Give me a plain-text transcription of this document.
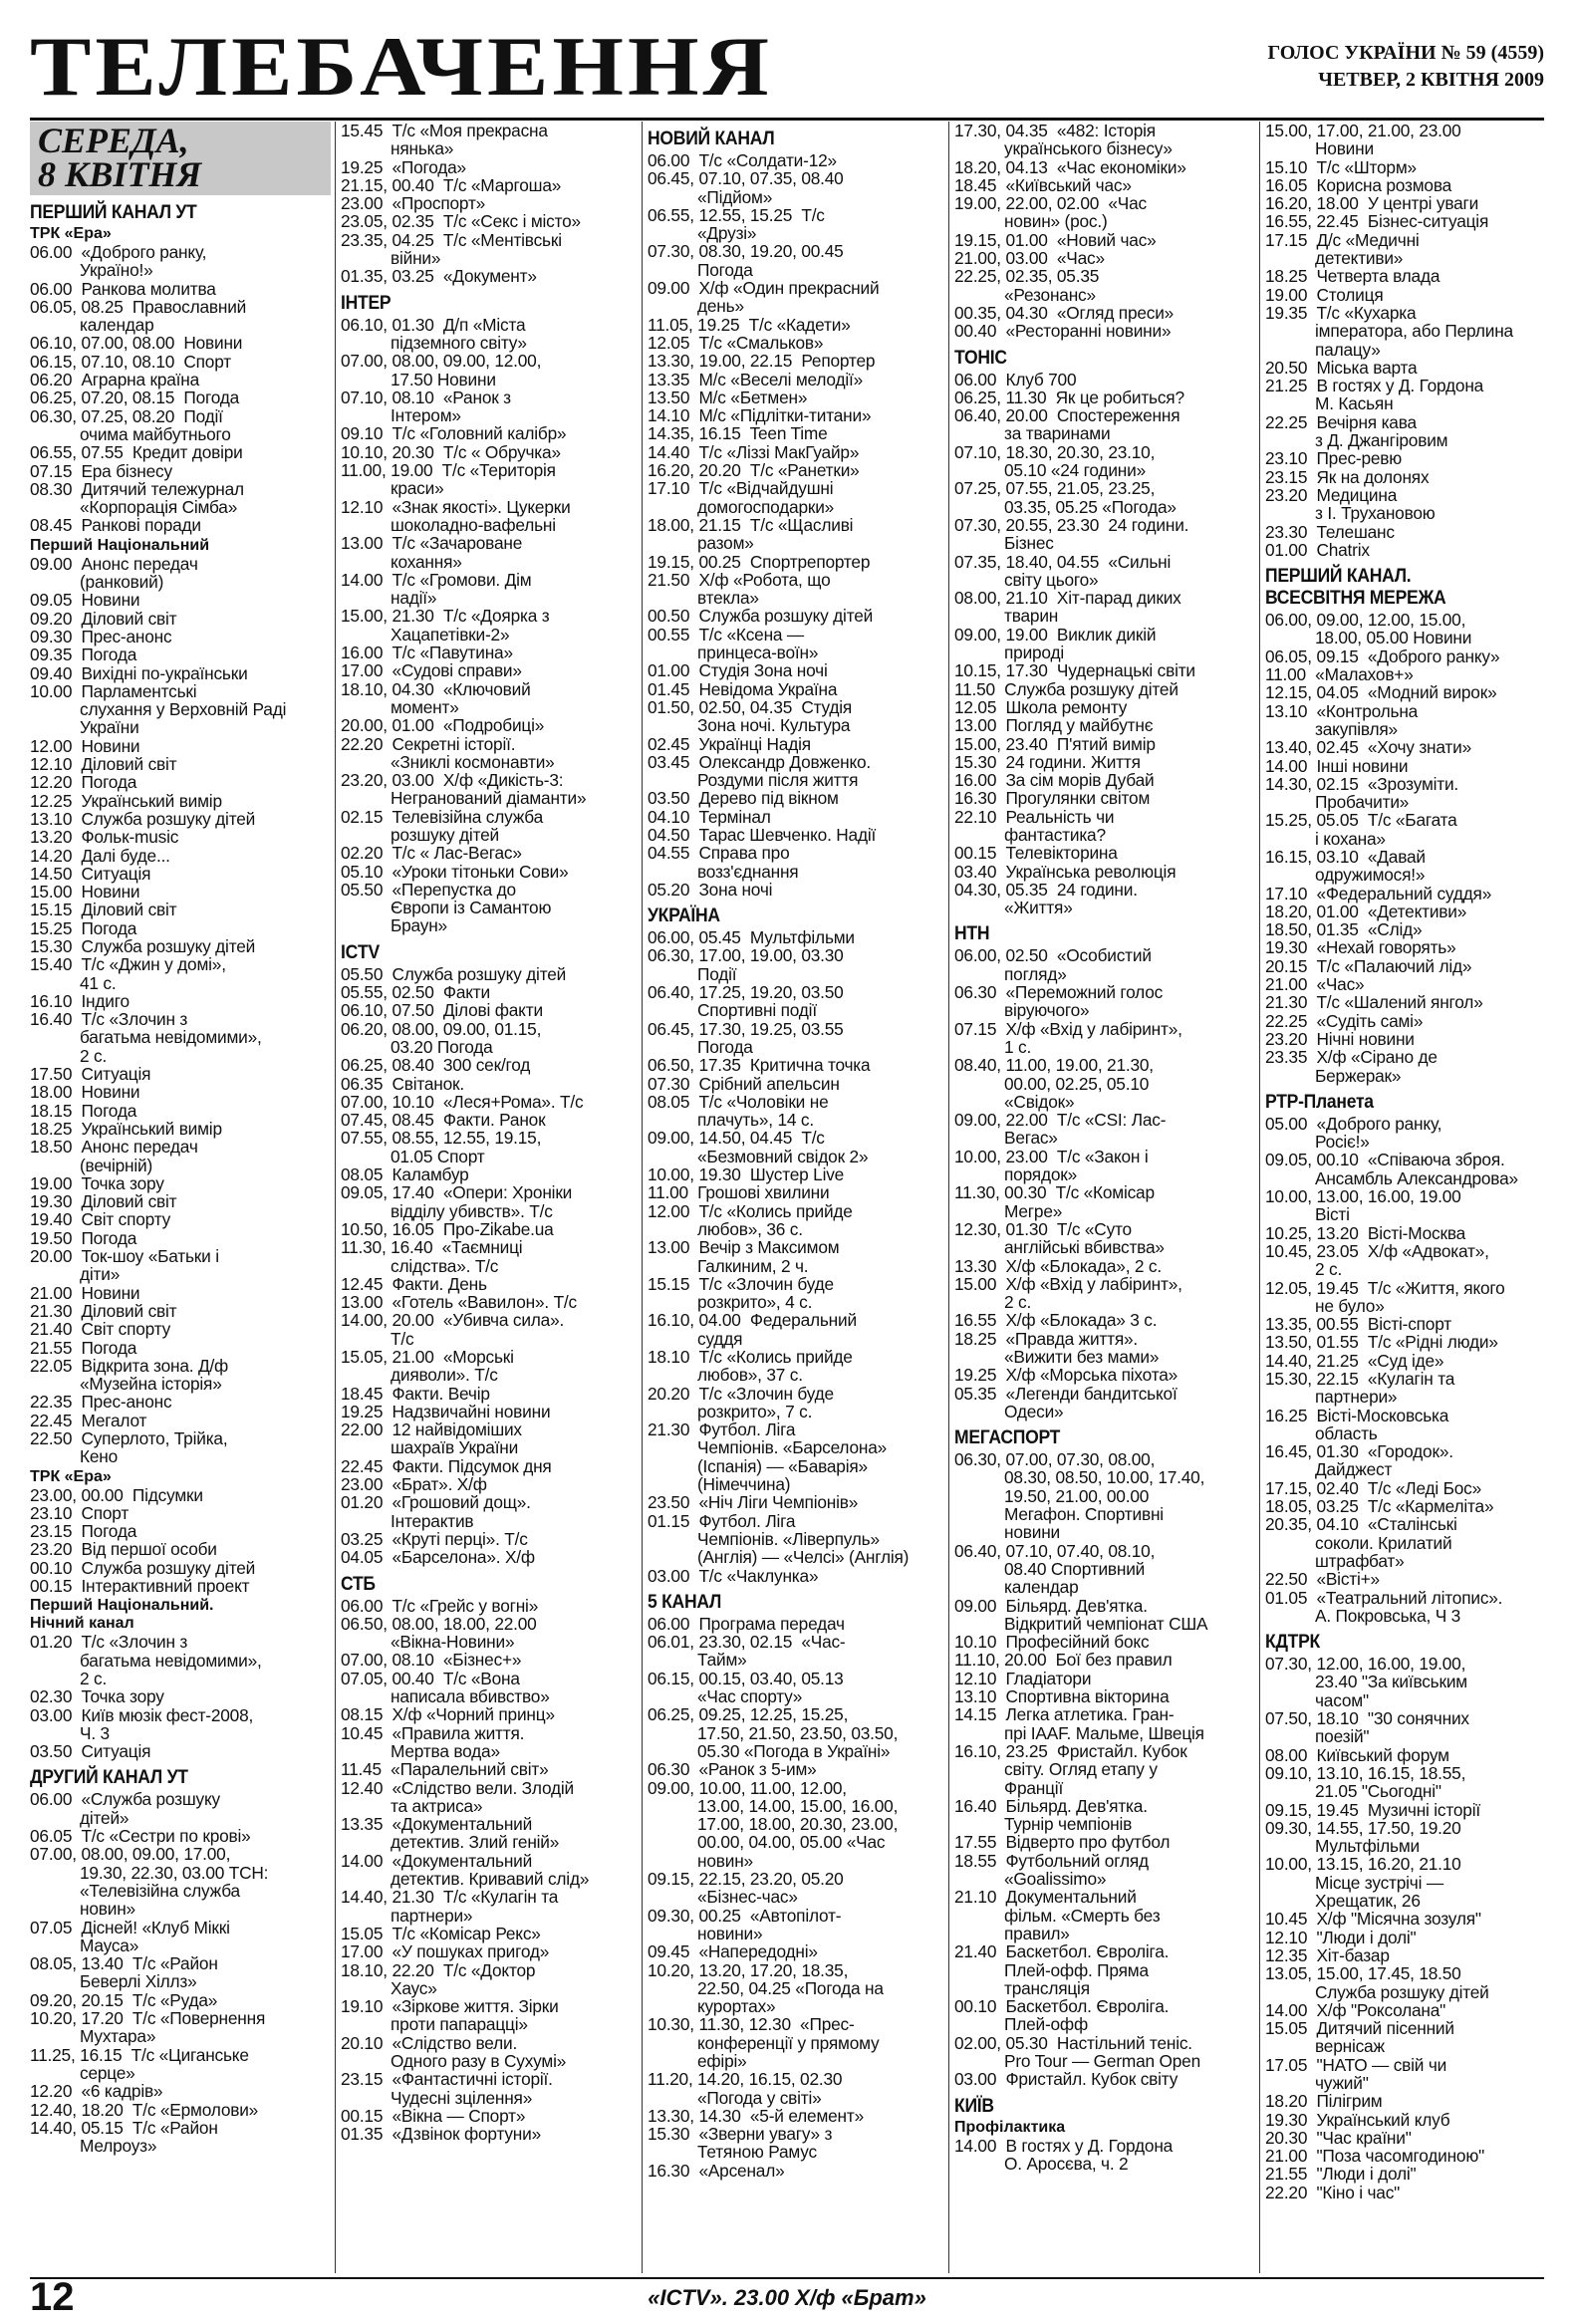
ТЕЛЕБАЧЕННЯ	ГОЛОС УКРАЇНИ № 59 (4559)
ЧЕТВЕР, 2 КВІТНЯ 2009
СЕРЕДА,
8 КВІТНЯ
ПЕРШИЙ КАНАЛ УТ
ТРК «Ера»
06.00  «Доброго ранку,
Україно!»
06.00  Ранкова молитва
06.05, 08.25  Православний
календар
06.10, 07.00, 08.00  Новини
06.15, 07.10, 08.10  Спорт
06.20  Аграрна країна
06.25, 07.20, 08.15  Погода
06.30, 07.25, 08.20  Події
очима майбутнього
06.55, 07.55  Кредит довіри
07.15  Ера бізнесу
08.30  Дитячий тележурнал
«Корпорація Сімба»
08.45  Ранкові поради
Перший Національний
09.00  Анонс передач
(ранковий)
09.05  Новини
09.20  Діловий світ
09.30  Прес-анонс
09.35  Погода
09.40  Вихідні по-українськи
10.00  Парламентські
слухання у Верховній Раді
України
12.00  Новини
12.10  Діловий світ
12.20  Погода
12.25  Український вимір
13.10  Служба розшуку дітей
13.20  Фольк-music
14.20  Далі буде...
14.50  Ситуація
15.00  Новини
15.15  Діловий світ
15.25  Погода
15.30  Служба розшуку дітей
15.40  Т/с «Джин у домі»,
41 с.
16.10  Індиго
16.40  Т/с «Злочин з
багатьма невідомими»,
2 с.
17.50  Ситуація
18.00  Новини
18.15  Погода
18.25  Український вимір
18.50  Анонс передач
(вечірній)
19.00  Точка зору
19.30  Діловий світ
19.40  Світ спорту
19.50  Погода
20.00  Ток-шоу «Батьки і
діти»
21.00  Новини
21.30  Діловий світ
21.40  Світ спорту
21.55  Погода
22.05  Відкрита зона. Д/ф
«Музейна історія»
22.35  Прес-анонс
22.45  Мегалот
22.50  Суперлото, Трійка,
Кено
ТРК «Ера»
23.00, 00.00  Підсумки
23.10  Спорт
23.15  Погода
23.20  Від першої особи
00.10  Служба розшуку дітей
00.15  Інтерактивний проект
Перший Національний.
Нічний канал
01.20  Т/с «Злочин з
багатьма невідомими»,
2 с.
02.30  Точка зору
03.00  Київ мюзік фест-2008,
Ч. 3
03.50  Ситуація
ДРУГИЙ КАНАЛ УТ
06.00  «Служба розшуку
дітей»
06.05  Т/с «Сестри по крові»
07.00, 08.00, 09.00, 17.00,
19.30, 22.30, 03.00 ТСН:
«Телевізійна служба
новин»
07.05  Дісней! «Клуб Міккі
Мауса»
08.05, 13.40  Т/с «Район
Беверлі Хіллз»
09.20, 20.15  Т/с «Руда»
10.20, 17.20  Т/с «Повернення
Мухтара»
11.25, 16.15  Т/с «Циганське
серце»
12.20  «6 кадрів»
12.40, 18.20  Т/с «Ермолови»
14.40, 05.15  Т/с «Район
Мелроуз»
15.45  Т/с «Моя прекрасна
нянька»
19.25  «Погода»
21.15, 00.40  Т/с «Маргоша»
23.00  «Проспорт»
23.05, 02.35  Т/с «Секс і місто»
23.35, 04.25  Т/с «Ментівські
війни»
01.35, 03.25  «Документ»
ІНТЕР
06.10, 01.30  Д/п «Міста
підземного світу»
07.00, 08.00, 09.00, 12.00,
17.50 Новини
07.10, 08.10  «Ранок з
Інтером»
09.10  Т/с «Головний калібр»
10.10, 20.30  Т/с « Обручка»
11.00, 19.00  Т/с «Територія
краси»
12.10  «Знак якості». Цукерки
шоколадно-вафельні
13.00  Т/с «Зачароване
кохання»
14.00  Т/с «Громови. Дім
надії»
15.00, 21.30  Т/с «Доярка з
Хацапетівки-2»
16.00  Т/с «Павутина»
17.00  «Судові справи»
18.10, 04.30  «Ключовий
момент»
20.00, 01.00  «Подробиці»
22.20  Секретні історії.
«Зниклі космонавти»
23.20, 03.00  Х/ф «Дикість-3:
Негранований діаманти»
02.15  Телевізійна служба
розшуку дітей
02.20  Т/с « Лас-Вегас»
05.10  «Уроки тітоньки Сови»
05.50  «Перепустка до
Європи із Самантою
Браун»
ICTV
05.50  Служба розшуку дітей
05.55, 02.50  Факти
06.10, 07.50  Ділові факти
06.20, 08.00, 09.00, 01.15,
03.20 Погода
06.25, 08.40  300 сек/год
06.35  Світанок.
07.00, 10.10  «Леся+Рома». Т/с
07.45, 08.45  Факти. Ранок
07.55, 08.55, 12.55, 19.15,
01.05 Спорт
08.05  Каламбур
09.05, 17.40  «Опери: Хроніки
відділу убивств». Т/с
10.50, 16.05  Про-Zikabe.ua
11.30, 16.40  «Таємниці
слідства». Т/с
12.45  Факти. День
13.00  «Готель «Вавилон». Т/с
14.00, 20.00  «Убивча сила».
Т/с
15.05, 21.00  «Морські
дияволи». Т/с
18.45  Факти. Вечір
19.25  Надзвичайні новини
22.00  12 найвідоміших
шахраїв України
22.45  Факти. Підсумок дня
23.00  «Брат». Х/ф
01.20  «Грошовий дощ».
Інтерактив
03.25  «Круті перці». Т/с
04.05  «Барселона». Х/ф
СТБ
06.00  Т/с «Грейс у вогні»
06.50, 08.00, 18.00, 22.00
«Вікна-Новини»
07.00, 08.10  «Бізнес+»
07.05, 00.40  Т/с «Вона
написала вбивство»
08.15  Х/ф «Чорний принц»
10.45  «Правила життя.
Мертва вода»
11.45  «Паралельний світ»
12.40  «Слідство вели. Злодій
та актриса»
13.35  «Документальний
детектив. Злий геній»
14.00  «Документальний
детектив. Кривавий слід»
14.40, 21.30  Т/с «Кулагін та
партнери»
15.05  Т/с «Комісар Рекс»
17.00  «У пошуках пригод»
18.10, 22.20  Т/с «Доктор
Хаус»
19.10  «Зіркове життя. Зірки
проти папарацці»
20.10  «Слідство вели.
Одного разу в Сухумі»
23.15  «Фантастичні історії.
Чудесні зцілення»
00.15  «Вікна — Спорт»
01.35  «Дзвінок фортуни»
НОВИЙ КАНАЛ
06.00  Т/с «Солдати-12»
06.45, 07.10, 07.35, 08.40
«Підйом»
06.55, 12.55, 15.25  Т/с
«Друзі»
07.30, 08.30, 19.20, 00.45
Погода
09.00  Х/ф «Один прекрасний
день»
11.05, 19.25  Т/с «Кадети»
12.05  Т/с «Смальков»
13.30, 19.00, 22.15  Репортер
13.35  М/с «Веселі мелодії»
13.50  М/с «Бетмен»
14.10  М/с «Підлітки-титани»
14.35, 16.15  Teen Time
14.40  Т/с «Ліззі МакГуайр»
16.20, 20.20  Т/с «Ранетки»
17.10  Т/с «Відчайдушні
домогосподарки»
18.00, 21.15  Т/с «Щасливі
разом»
19.15, 00.25  Спортрепортер
21.50  Х/ф «Робота, що
втекла»
00.50  Служба розшуку дітей
00.55  Т/с «Ксена —
принцеса-воїн»
01.00  Студія Зона ночі
01.45  Невідома Україна
01.50, 02.50, 04.35  Студія
Зона ночі. Культура
02.45  Українці Надія
03.45  Олександр Довженко.
Роздуми після життя
03.50  Дерево під вікном
04.10  Термінал
04.50  Тарас Шевченко. Надії
04.55  Справа про
возз'єднання
05.20  Зона ночі
УКРАЇНА
06.00, 05.45  Мультфільми
06.30, 17.00, 19.00, 03.30
Події
06.40, 17.25, 19.20, 03.50
Спортивні події
06.45, 17.30, 19.25, 03.55
Погода
06.50, 17.35  Критична точка
07.30  Срібний апельсин
08.05  Т/с «Чоловіки не
плачуть», 14 с.
09.00, 14.50, 04.45  Т/с
«Безмовний свідок 2»
10.00, 19.30  Шустер Live
11.00  Грошові хвилини
12.00  Т/с «Колись прийде
любов», 36 с.
13.00  Вечір з Максимом
Галкиним, 2 ч.
15.15  Т/с «Злочин буде
розкрито», 4 с.
16.10, 04.00  Федеральний
суддя
18.10  Т/с «Колись прийде
любов», 37 с.
20.20  Т/с «Злочин буде
розкрито», 7 с.
21.30  Футбол. Ліга
Чемпіонів. «Барселона»
(Іспанія) — «Баварія»
(Німеччина)
23.50  «Ніч Ліги Чемпіонів»
01.15  Футбол. Ліга
Чемпіонів. «Ліверпуль»
(Англія) — «Челсі» (Англія)
03.00  Т/с «Чаклунка»
5 КАНАЛ
06.00  Програма передач
06.01, 23.30, 02.15  «Час-
Тайм»
06.15, 00.15, 03.40, 05.13
«Час спорту»
06.25, 09.25, 12.25, 15.25,
17.50, 21.50, 23.50, 03.50,
05.30 «Погода в Україні»
06.30  «Ранок з 5-им»
09.00, 10.00, 11.00, 12.00,
13.00, 14.00, 15.00, 16.00,
17.00, 18.00, 20.30, 23.00,
00.00, 04.00, 05.00 «Час
новин»
09.15, 22.15, 23.20, 05.20
«Бізнес-час»
09.30, 00.25  «Автопілот-
новини»
09.45  «Напередодні»
10.20, 13.20, 17.20, 18.35,
22.50, 04.25 «Погода на
курортах»
10.30, 11.30, 12.30  «Прес-
конференції у прямому
ефірі»
11.20, 14.20, 16.15, 02.30
«Погода у світі»
13.30, 14.30  «5-й елемент»
15.30  «Зверни увагу» з
Тетяною Рамус
16.30  «Арсенал»
17.30, 04.35  «482: Історія
українського бізнесу»
18.20, 04.13  «Час економіки»
18.45  «Київський час»
19.00, 22.00, 02.00  «Час
новин» (рос.)
19.15, 01.00  «Новий час»
21.00, 03.00  «Час»
22.25, 02.35, 05.35
«Резонанс»
00.35, 04.30  «Огляд преси»
00.40  «Ресторанні новини»
ТОНІС
06.00  Клуб 700
06.25, 11.30  Як це робиться?
06.40, 20.00  Спостереження
за тваринами
07.10, 18.30, 20.30, 23.10,
05.10 «24 години»
07.25, 07.55, 21.05, 23.25,
03.35, 05.25 «Погода»
07.30, 20.55, 23.30  24 години.
Бізнес
07.35, 18.40, 04.55  «Сильні
світу цього»
08.00, 21.10  Хіт-парад диких
тварин
09.00, 19.00  Виклик дикій
природі
10.15, 17.30  Чудернацькі світи
11.50  Служба розшуку дітей
12.05  Школа ремонту
13.00  Погляд у майбутнє
15.00, 23.40  П'ятий вимір
15.30  24 години. Життя
16.00  За сім морів Дубай
16.30  Прогулянки світом
22.10  Реальність чи
фантастика?
00.15  Телевікторина
03.40  Українська революція
04.30, 05.35  24 години.
«Життя»
НТН
06.00, 02.50  «Особистий
погляд»
06.30  «Переможний голос
віруючого»
07.15  Х/ф «Вхід у лабіринт»,
1 с.
08.40, 11.00, 19.00, 21.30,
00.00, 02.25, 05.10
«Свідок»
09.00, 22.00  Т/с «CSI: Лас-
Вегас»
10.00, 23.00  Т/с «Закон і
порядок»
11.30, 00.30  Т/с «Комісар
Мегре»
12.30, 01.30  Т/с «Суто
англійські вбивства»
13.30  Х/ф «Блокада», 2 с.
15.00  Х/ф «Вхід у лабіринт»,
2 с.
16.55  Х/ф «Блокада» 3 с.
18.25  «Правда життя».
«Вижити без мами»
19.25  Х/ф «Морська піхота»
05.35  «Легенди бандитської
Одеси»
МЕГАСПОРТ
06.30, 07.00, 07.30, 08.00,
08.30, 08.50, 10.00, 17.40,
19.50, 21.00, 00.00
Мегафон. Спортивні
новини
06.40, 07.10, 07.40, 08.10,
08.40 Спортивний
календар
09.00  Більярд. Дев'ятка.
Відкритий чемпіонат США
10.10  Професійний бокс
11.10, 20.00  Бої без правил
12.10  Гладіатори
13.10  Спортивна вікторина
14.15  Легка атлетика. Гран-
прі IAAF. Мальме, Швеція
16.10, 23.25  Фристайл. Кубок
світу. Огляд етапу у
Франції
16.40  Більярд. Дев'ятка.
Турнір чемпіонів
17.55  Відверто про футбол
18.55  Футбольний огляд
«Goalissimo»
21.10  Документальний
фільм. «Смерть без
правил»
21.40  Баскетбол. Євроліга.
Плей-офф. Пряма
трансляція
00.10  Баскетбол. Євроліга.
Плей-офф
02.00, 05.30  Настільний теніс.
Pro Tour — German Open
03.00  Фристайл. Кубок світу
КИЇВ
Профілактика
14.00  В гостях у Д. Гордона
О. Аросєва, ч. 2
15.00, 17.00, 21.00, 23.00
Новини
15.10  Т/с «Шторм»
16.05  Корисна розмова
16.20, 18.00  У центрі уваги
16.55, 22.45  Бізнес-ситуація
17.15  Д/с «Медичні
детективи»
18.25  Четверта влада
19.00  Столиця
19.35  Т/с «Кухарка
імператора, або Перлина
палацу»
20.50  Міська варта
21.25  В гостях у Д. Гордона
М. Касьян
22.25  Вечірня кава
з Д. Джангіровим
23.10  Прес-ревю
23.15  Як на долонях
23.20  Медицина
з І. Трухановою
23.30  Телешанс
01.00  Chatrix
ПЕРШИЙ КАНАЛ.
ВСЕСВІТНЯ МЕРЕЖА
06.00, 09.00, 12.00, 15.00,
18.00, 05.00 Новини
06.05, 09.15  «Доброго ранку»
11.00  «Малахов+»
12.15, 04.05  «Модний вирок»
13.10  «Контрольна
закупівля»
13.40, 02.45  «Хочу знати»
14.00  Інші новини
14.30, 02.15  «Зрозуміти.
Пробачити»
15.25, 05.05  Т/с «Багата
і кохана»
16.15, 03.10  «Давай
одружимося!»
17.10  «Федеральний суддя»
18.20, 01.00  «Детективи»
18.50, 01.35  «Слід»
19.30  «Нехай говорять»
20.15  Т/с «Палаючий лід»
21.00  «Час»
21.30  Т/с «Шалений янгол»
22.25  «Судіть самі»
23.20  Нічні новини
23.35  Х/ф «Сірано де
Бержерак»
РТР-Планета
05.00  «Доброго ранку,
Росіє!»
09.05, 00.10  «Співаюча зброя.
Ансамбль Александрова»
10.00, 13.00, 16.00, 19.00
Вісті
10.25, 13.20  Вісті-Москва
10.45, 23.05  Х/ф «Адвокат»,
2 с.
12.05, 19.45  Т/с «Життя, якого
не було»
13.35, 00.55  Вісті-спорт
13.50, 01.55  Т/с «Рідні люди»
14.40, 21.25  «Суд іде»
15.30, 22.15  «Кулагін та
партнери»
16.25  Вісті-Московська
область
16.45, 01.30  «Городок».
Дайджест
17.15, 02.40  Т/с «Леді Бос»
18.05, 03.25  Т/с «Кармеліта»
20.35, 04.10  «Сталінські
соколи. Крилатий
штрафбат»
22.50  «Вісті+»
01.05  «Театральний літопис».
А. Покровська, Ч 3
КДТРК
07.30, 12.00, 16.00, 19.00,
23.40 "За київським
часом"
07.50, 18.10  "30 сонячних
поезій"
08.00  Київський форум
09.10, 13.10, 16.15, 18.55,
21.05 "Сьогодні"
09.15, 19.45  Музичні історії
09.30, 14.55, 17.50, 19.20
Мультфільми
10.00, 13.15, 16.20, 21.10
Місце зустрічі —
Хрещатик, 26
10.45  Х/ф "Місячна зозуля"
12.10  "Люди і долі"
12.35  Хіт-базар
13.05, 15.00, 17.45, 18.50
Служба розшуку дітей
14.00  Х/ф "Роксолана"
15.05  Дитячий пісенний
вернісаж
17.05  "НАТО — свій чи
чужий"
18.20  Пілігрим
19.30  Український клуб
20.30  "Час країни"
21.00  "Поза часомгодиною"
21.55  "Люди і долі"
22.20  "Кіно і час"
12	«ICTV». 23.00 Х/ф «Брат»
